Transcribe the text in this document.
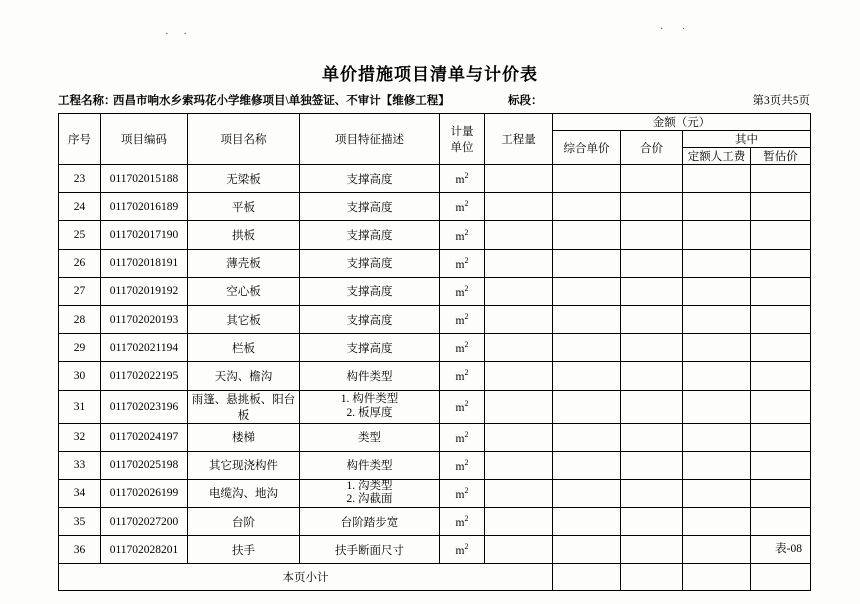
· ·	· ·
单价措施项目清单与计价表
工程名称：
西昌市响水乡索玛花小学维修项目\单独签证、不审计【维修工程】	标段：	第3页共5页
序号	项目编码	项目名称	项目特征描述	计量
单位	工程量	金额（元）			
						综合单价	合价	其中	
								定额人工费	暂估价
23	011702015188	无梁板	支撑高度	$m^2$					
24	011702016189	平板	支撑高度	$m^2$					
25	011702017190	拱板	支撑高度	$m^2$					
26	011702018191	薄壳板	支撑高度	$m^2$					
27	011702019192	空心板	支撑高度	$m^2$					
28	011702020193	其它板	支撑高度	$m^2$					
29	011702021194	栏板	支撑高度	$m^2$					
30	011702022195	天沟、檐沟	构件类型	$m^2$					
31	011702023196	雨篷、悬挑板、阳台板	1. 构件类型
2. 板厚度	$m^2$					
32	011702024197	楼梯	类型	$m^2$					
33	011702025198	其它现浇构件	构件类型	$m^2$					
34	011702026199	电缆沟、地沟	1. 沟类型
2. 沟截面	$m^2$					
35	011702027200	台阶	台阶踏步宽	$m^2$					
36	011702028201	扶手	扶手断面尺寸	$m^2$					
本页小计									
表-08
